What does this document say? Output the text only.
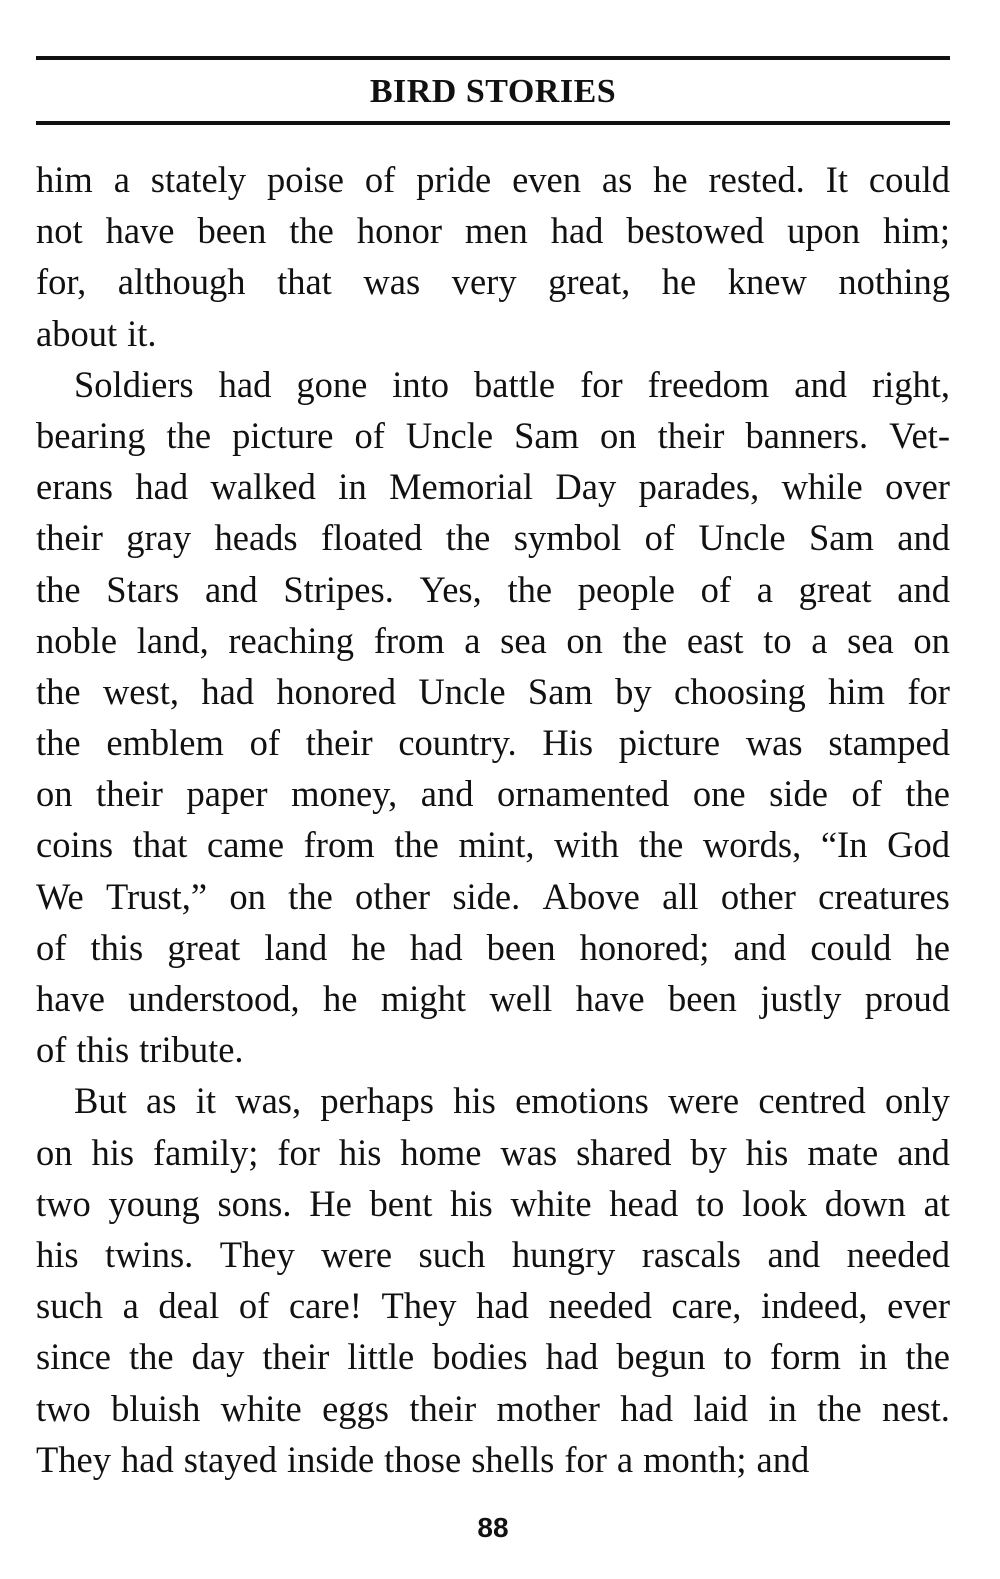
BIRD STORIES
him a stately poise of pride even as he rested. It could
not have been the honor men had bestowed upon him;
for, although that was very great, he knew nothing
about it.
Soldiers had gone into battle for freedom and right,
bearing the picture of Uncle Sam on their banners. Vet-
erans had walked in Memorial Day parades, while over
their gray heads floated the symbol of Uncle Sam and
the Stars and Stripes. Yes, the people of a great and
noble land, reaching from a sea on the east to a sea on
the west, had honored Uncle Sam by choosing him for
the emblem of their country. His picture was stamped
on their paper money, and ornamented one side of the
coins that came from the mint, with the words, “In God
We Trust,” on the other side. Above all other creatures
of this great land he had been honored; and could he
have understood, he might well have been justly proud
of this tribute.
But as it was, perhaps his emotions were centred only
on his family; for his home was shared by his mate and
two young sons. He bent his white head to look down at
his twins. They were such hungry rascals and needed
such a deal of care! They had needed care, indeed, ever
since the day their little bodies had begun to form in the
two bluish white eggs their mother had laid in the nest.
They had stayed inside those shells for a month; and
88
